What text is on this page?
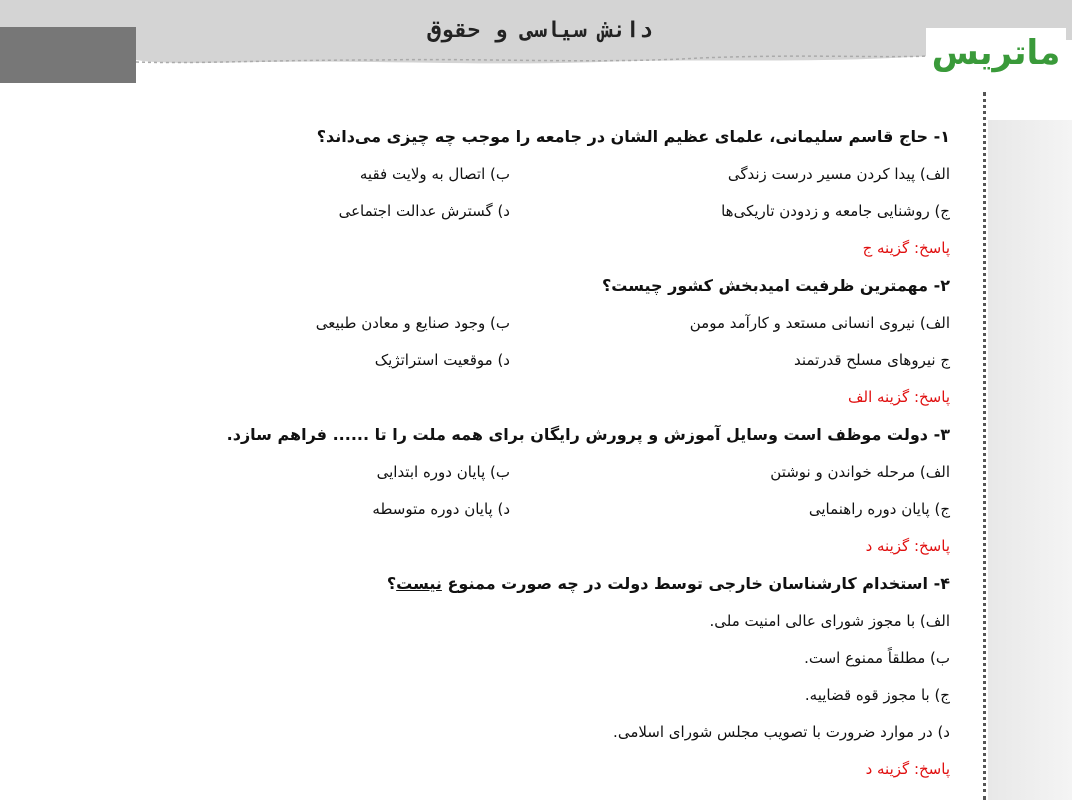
دانش سیاسی و حقوق
ماتریس
۱- حاج قاسم سلیمانی، علمای عظیم الشان در جامعه را موجب چه چیزی می‌داند؟
الف) پیدا کردن مسیر درست زندگی
ب) اتصال به ولایت فقیه
ج) روشنایی جامعه و زدودن تاریکی‌ها
د) گسترش عدالت اجتماعی
پاسخ: گزینه ج
۲- مهمترین ظرفیت امیدبخش کشور چیست؟
الف) نیروی انسانی مستعد و کارآمد مومن
ب) وجود صنایع و معادن طبیعی
ج نیروهای مسلح قدرتمند
د) موقعیت استراتژیک
پاسخ: گزینه الف
۳- دولت موظف است وسایل آموزش و پرورش رایگان برای همه ملت را تا ...... فراهم سازد.
الف) مرحله خواندن و نوشتن
ب) پایان دوره ابتدایی
ج) پایان دوره راهنمایی
د) پایان دوره متوسطه
پاسخ: گزینه د
۴- استخدام کارشناسان خارجی توسط دولت در چه صورت ممنوع نیست؟
الف) با مجوز شورای عالی امنیت ملی.
ب) مطلقاً ممنوع است.
ج) با مجوز قوه قضاییه.
د) در موارد ضرورت با تصویب مجلس شورای اسلامی.
پاسخ: گزینه د
